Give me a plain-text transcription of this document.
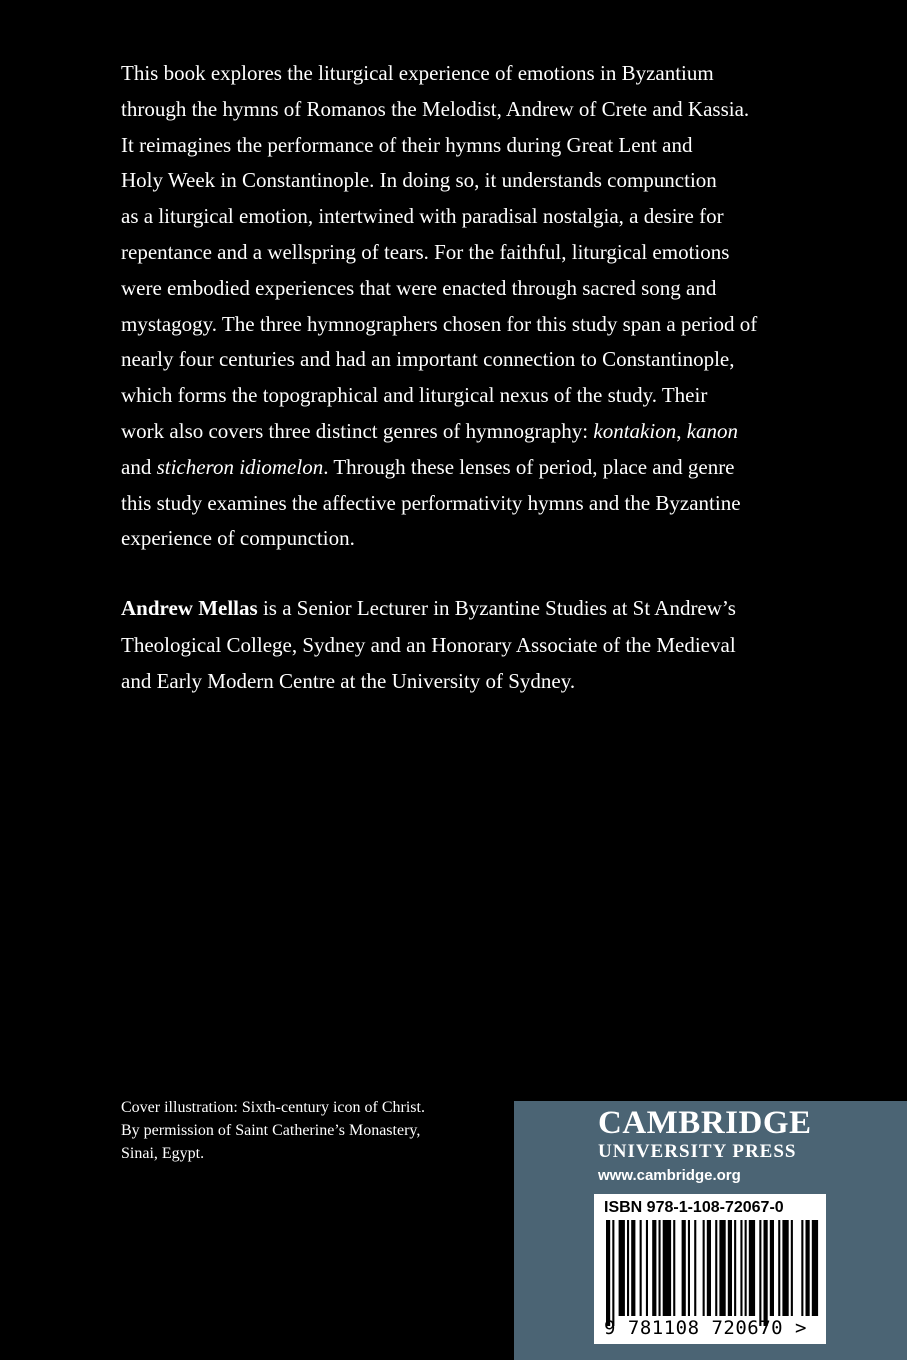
This book explores the liturgical experience of emotions in Byzantium
through the hymns of Romanos the Melodist, Andrew of Crete and Kassia.
It reimagines the performance of their hymns during Great Lent and
Holy Week in Constantinople. In doing so, it understands compunction
as a liturgical emotion, intertwined with paradisal nostalgia, a desire for
repentance and a wellspring of tears. For the faithful, liturgical emotions
were embodied experiences that were enacted through sacred song and
mystagogy. The three hymnographers chosen for this study span a period of
nearly four centuries and had an important connection to Constantinople,
which forms the topographical and liturgical nexus of the study. Their
work also covers three distinct genres of hymnography: kontakion, kanon
and sticheron idiomelon. Through these lenses of period, place and genre
this study examines the affective performativity hymns and the Byzantine
experience of compunction.
Andrew Mellas is a Senior Lecturer in Byzantine Studies at St Andrew’s
Theological College, Sydney and an Honorary Associate of the Medieval
and Early Modern Centre at the University of Sydney.
Cover illustration: Sixth-century icon of Christ.
By permission of Saint Catherine’s Monastery,
Sinai, Egypt.
CAMBRIDGE
UNIVERSITY PRESS
www.cambridge.org
ISBN 978-1-108-72067-0
9 781108 720670 >
